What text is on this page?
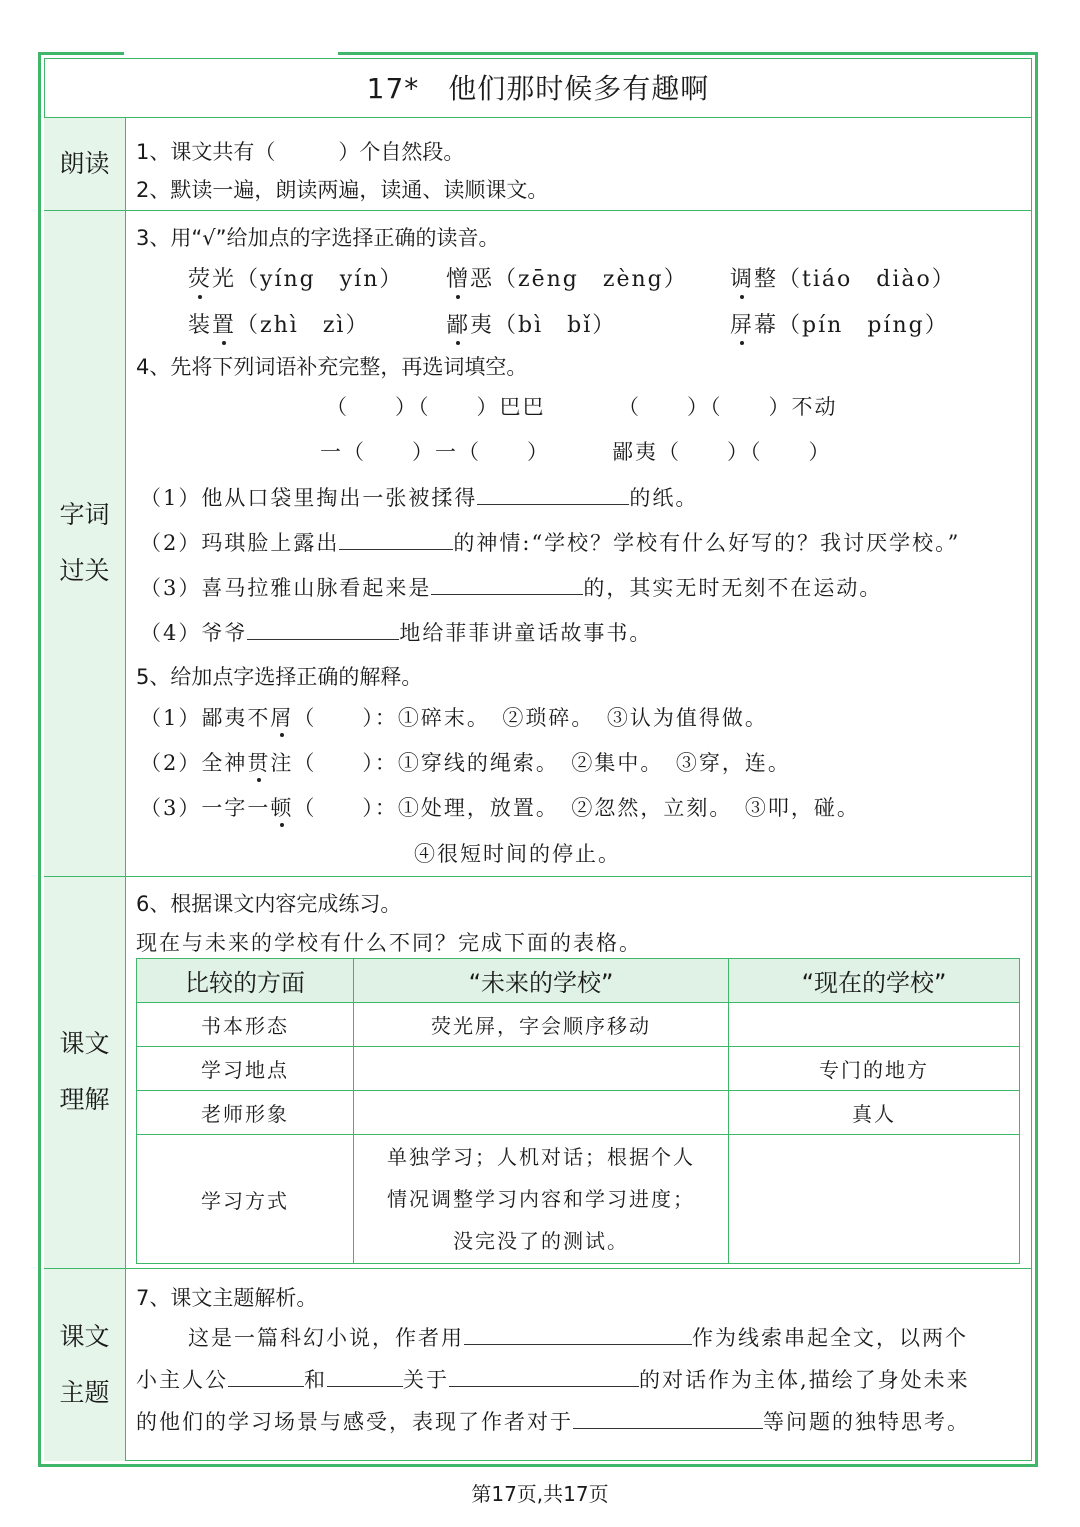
17*　他们那时候多有趣啊
朗读
字词
过关
课文
理解
课文
主题
1、课文共有（　　　）个自然段。
2、默读一遍，朗读两遍，读通、读顺课文。
3、用“√”给加点的字选择正确的读音。
荧光（yíng　yín） 憎恶（zēng　zèng） 调整（tiáo　diào）
装置（zhì　zì）	鄙夷（bì　bǐ）	屏幕（pín　píng）
4、先将下列词语补充完整，再选词填空。
（　　）（　　）巴巴	（　　）（　　）不动
一（　　）一（　　）	鄙夷（　　）（　　）
（1）他从口袋里掏出一张被揉得	的纸。
（2）玛琪脸上露出	的神情:“学校？学校有什么好写的？我讨厌学校。”
（3）喜马拉雅山脉看起来是	的，其实无时无刻不在运动。
（4）爷爷	地给菲菲讲童话故事书。
5、给加点字选择正确的解释。
（1）鄙夷不屑（　　）：①碎末。　②琐碎。　③认为值得做。
（2）全神贯注（　　）：①穿线的绳索。　②集中。　③穿，连。
（3）一字一顿（　　）：①处理，放置。　②忽然，立刻。　③叩，碰。
④很短时间的停止。
6、根据课文内容完成练习。
现在与未来的学校有什么不同？完成下面的表格。
比较的方面	“未来的学校”	“现在的学校”
书本形态	荧光屏，字会顺序移动	
学习地点		专门的地方
老师形象		真人
学习方式	单独学习；人机对话；根据个人
情况调整学习内容和学习进度；
没完没了的测试。	

7、课文主题解析。
这是一篇科幻小说，作者用	作为线索串起全文，以两个
小主人公	和	关于	的对话作为主体,描绘了身处未来
的他们的学习场景与感受，表现了作者对于	等问题的独特思考。
第17页,共17页
